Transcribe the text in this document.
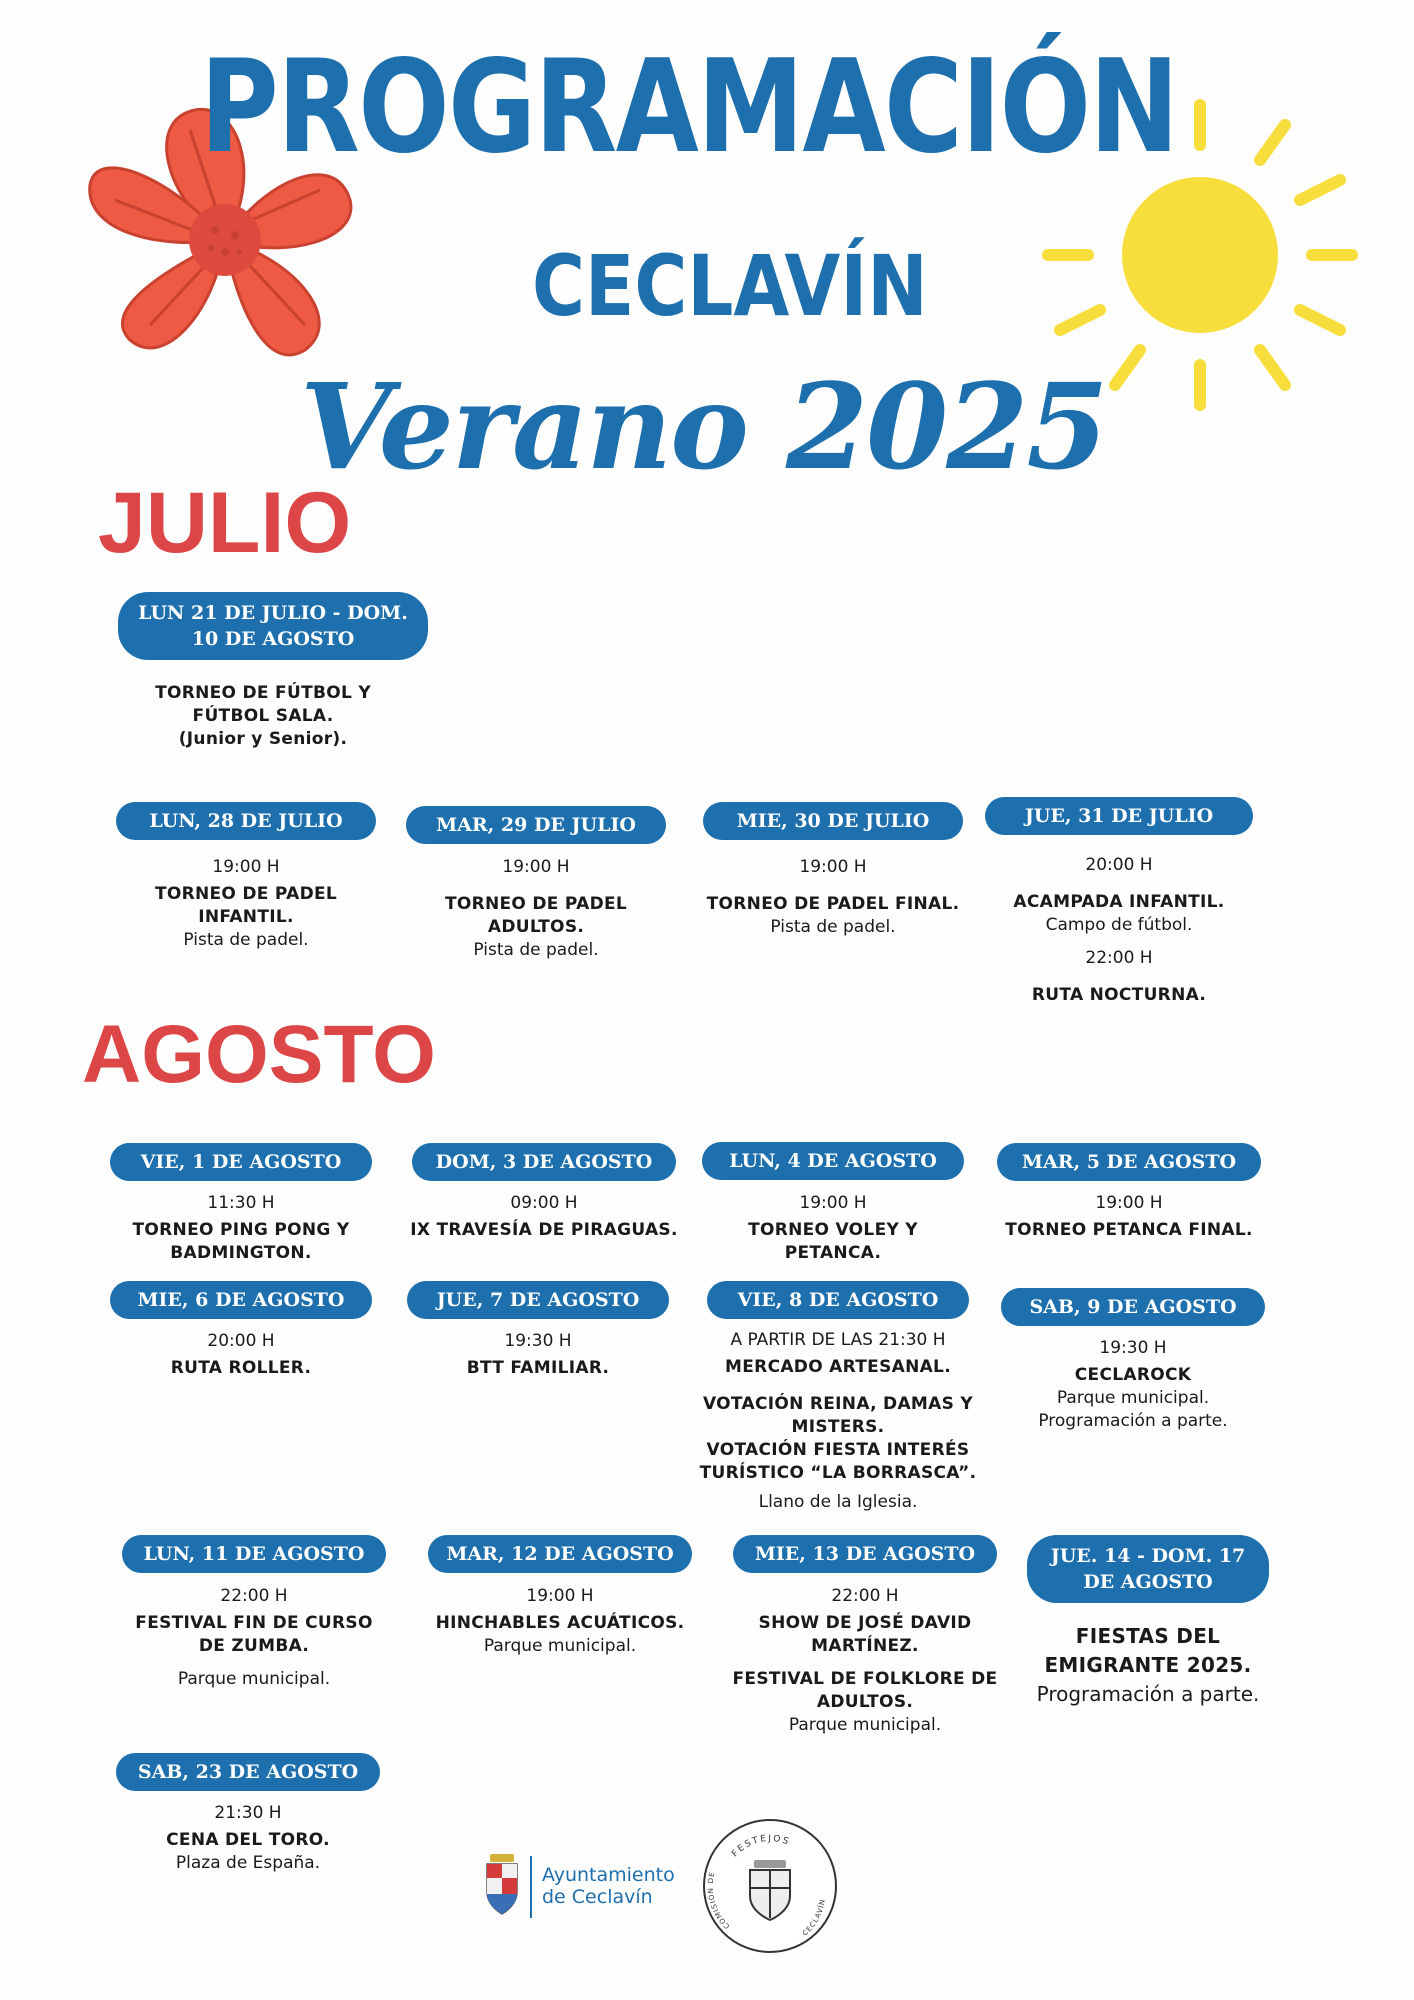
PROGRAMACIÓN
CECLAVÍN
Verano 2025
JULIO
LUN 21 DE JULIO - DOM. 10 DE AGOSTO
TORNEO DE FÚTBOL Y FÚTBOL SALA.
(Junior y Senior).
LUN, 28 DE JULIO
19:00 H
TORNEO DE PADEL INFANTIL.
Pista de padel.
MAR, 29 DE JULIO
19:00 H
TORNEO DE PADEL ADULTOS.
Pista de padel.
MIE, 30 DE JULIO
19:00 H
TORNEO DE PADEL FINAL.
Pista de padel.
JUE, 31 DE JULIO
20:00 H
ACAMPADA INFANTIL.
Campo de fútbol.
22:00 H
RUTA NOCTURNA.
AGOSTO
VIE, 1 DE AGOSTO
11:30 H
TORNEO PING PONG Y BADMINGTON.
DOM, 3 DE AGOSTO
09:00 H
IX TRAVESÍA DE PIRAGUAS.
LUN, 4 DE AGOSTO
19:00 H
TORNEO VOLEY Y PETANCA.
MAR, 5 DE AGOSTO
19:00 H
TORNEO PETANCA FINAL.
MIE, 6 DE AGOSTO
20:00 H
RUTA ROLLER.
JUE, 7 DE AGOSTO
19:30 H
BTT FAMILIAR.
VIE, 8 DE AGOSTO
A PARTIR DE LAS 21:30 H
MERCADO ARTESANAL.
VOTACIÓN REINA, DAMAS Y MISTERS.
VOTACIÓN FIESTA INTERÉS TURÍSTICO “LA BORRASCA”.
Llano de la Iglesia.
SAB, 9 DE AGOSTO
19:30 H
CECLAROCK
Parque municipal.
Programación a parte.
LUN, 11 DE AGOSTO
22:00 H
FESTIVAL FIN DE CURSO DE ZUMBA.
Parque municipal.
MAR, 12 DE AGOSTO
19:00 H
HINCHABLES ACUÁTICOS.
Parque municipal.
MIE, 13 DE AGOSTO
22:00 H
SHOW DE JOSÉ DAVID MARTÍNEZ.
FESTIVAL DE FOLKLORE DE ADULTOS.
Parque municipal.
JUE. 14 - DOM. 17 DE AGOSTO
FIESTAS DEL EMIGRANTE 2025.
Programación a parte.
SAB, 23 DE AGOSTO
21:30 H
CENA DEL TORO.
Plaza de España.
Ayuntamiento
de Ceclavín
FESTEJOS
COMISIÓN DE
CECLAVÍN
